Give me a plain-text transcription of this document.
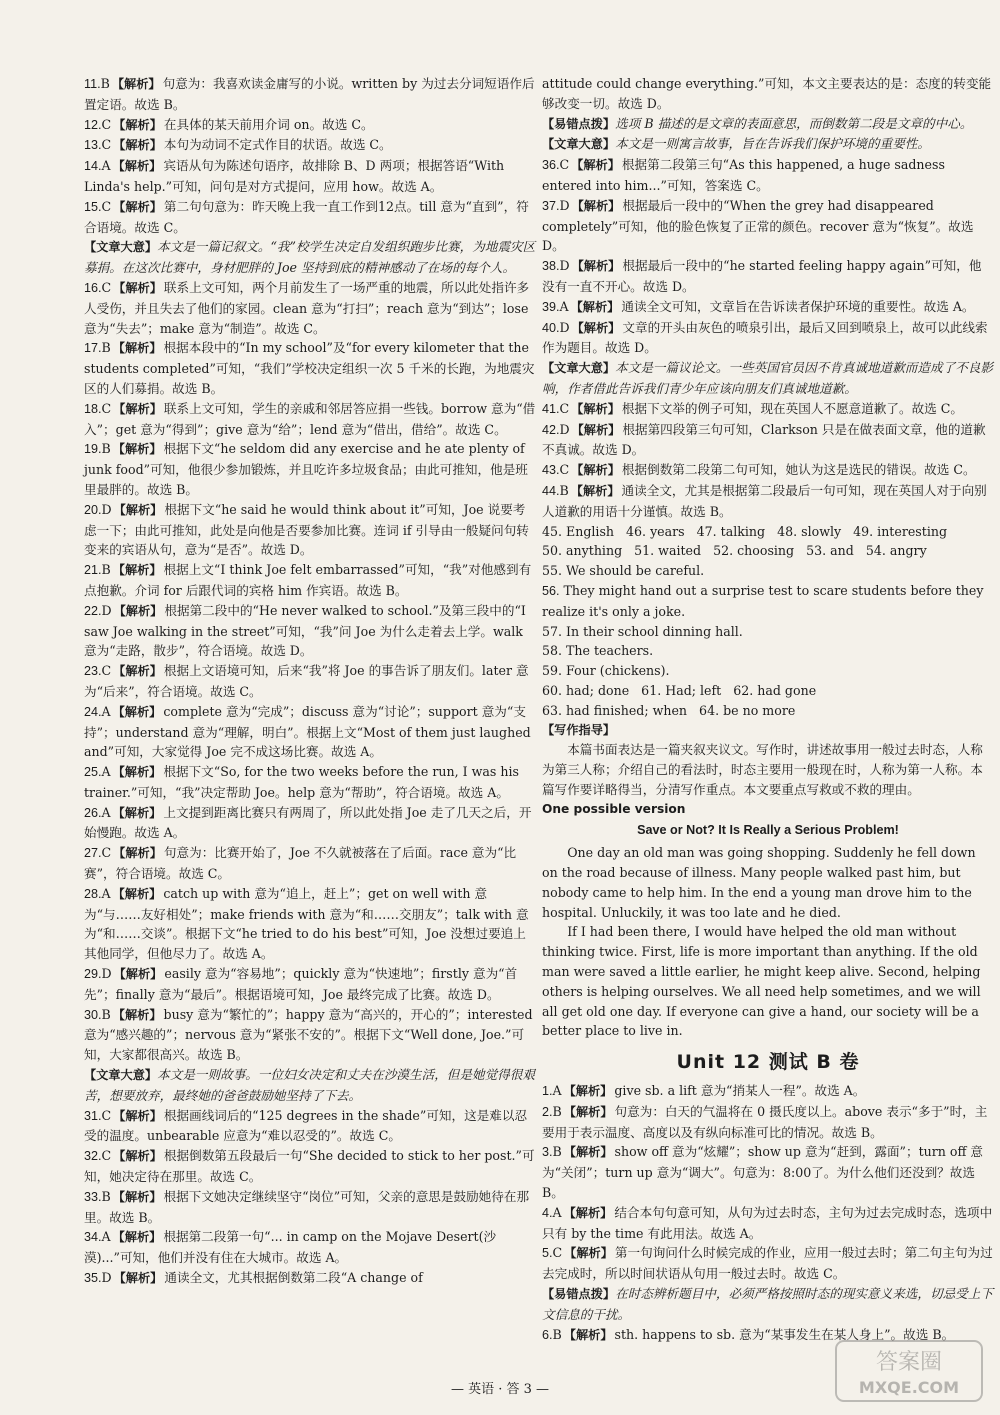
11.B 【解析】 句意为：我喜欢读金庸写的小说。written by 为过去分词短语作后置定语。故选 B。

12.C 【解析】 在具体的某天前用介词 on。故选 C。

13.C 【解析】 本句为动词不定式作目的状语。故选 C。

14.A 【解析】 宾语从句为陈述句语序，故排除 B、D 两项；根据答语“With Linda's help.”可知，问句是对方式提问，应用 how。故选 A。

15.C 【解析】 第二句句意为：昨天晚上我一直工作到12点。till 意为“直到”，符合语境。故选 C。

【文章大意】本文是一篇记叙文。“我”校学生决定自发组织跑步比赛，为地震灾区募捐。在这次比赛中，身材肥胖的 Joe 坚持到底的精神感动了在场的每个人。

16.C 【解析】 联系上文可知，两个月前发生了一场严重的地震，所以此处指许多人受伤，并且失去了他们的家园。clean 意为“打扫”；reach 意为“到达”；lose 意为“失去”；make 意为“制造”。故选 C。

17.B 【解析】 根据本段中的“In my school”及“for every kilometer that the students completed”可知，“我们”学校决定组织一次 5 千米的长跑，为地震灾区的人们募捐。故选 B。

18.C 【解析】 联系上文可知，学生的亲戚和邻居答应捐一些钱。borrow 意为“借入”；get 意为“得到”；give 意为“给”；lend 意为“借出，借给”。故选 C。

19.B 【解析】 根据下文“he seldom did any exercise and he ate plenty of junk food”可知，他很少参加锻炼，并且吃许多垃圾食品；由此可推知，他是班里最胖的。故选 B。

20.D 【解析】 根据下文“he said he would think about it”可知，Joe 说要考虑一下；由此可推知，此处是向他是否要参加比赛。连词 if 引导由一般疑问句转变来的宾语从句，意为“是否”。故选 D。

21.B 【解析】 根据上文“I think Joe felt embarrassed”可知，“我”对他感到有点抱歉。介词 for 后跟代词的宾格 him 作宾语。故选 B。

22.D 【解析】 根据第二段中的“He never walked to school.”及第三段中的“I saw Joe walking in the street”可知，“我”问 Joe 为什么走着去上学。walk 意为“走路，散步”，符合语境。故选 D。

23.C 【解析】 根据上文语境可知，后来“我”将 Joe 的事告诉了朋友们。later 意为“后来”，符合语境。故选 C。

24.A 【解析】 complete 意为“完成”；discuss 意为“讨论”；support 意为“支持”；understand 意为“理解，明白”。根据上文“Most of them just laughed and”可知，大家觉得 Joe 完不成这场比赛。故选 A。

25.A 【解析】 根据下文“So, for the two weeks before the run, I was his trainer.”可知，“我”决定帮助 Joe。help 意为“帮助”，符合语境。故选 A。

26.A 【解析】 上文提到距离比赛只有两周了，所以此处指 Joe 走了几天之后，开始慢跑。故选 A。

27.C 【解析】 句意为：比赛开始了，Joe 不久就被落在了后面。race 意为“比赛”，符合语境。故选 C。

28.A 【解析】 catch up with 意为“追上，赶上”；get on well with 意为“与……友好相处”；make friends with 意为“和……交朋友”；talk with 意为“和……交谈”。根据下文“he tried to do his best”可知，Joe 没想过要追上其他同学，但他尽力了。故选 A。

29.D 【解析】 easily 意为“容易地”；quickly 意为“快速地”；firstly 意为“首先”；finally 意为“最后”。根据语境可知，Joe 最终完成了比赛。故选 D。

30.B 【解析】 busy 意为“繁忙的”；happy 意为“高兴的，开心的”；interested 意为“感兴趣的”；nervous 意为“紧张不安的”。根据下文“Well done, Joe.”可知，大家都很高兴。故选 B。

【文章大意】本文是一则故事。一位妇女决定和丈夫在沙漠生活，但是她觉得很艰苦，想要放弃，最终她的爸爸鼓励她坚持了下去。

31.C 【解析】 根据画线词后的“125 degrees in the shade”可知，这是难以忍受的温度。unbearable 应意为“难以忍受的”。故选 C。

32.C 【解析】 根据倒数第五段最后一句“She decided to stick to her post.”可知，她决定待在那里。故选 C。

33.B 【解析】 根据下文她决定继续坚守“岗位”可知，父亲的意思是鼓励她待在那里。故选 B。

34.A 【解析】 根据第二段第一句“... in camp on the Mojave Desert(沙漠)...”可知，他们并没有住在大城市。故选 A。

35.D 【解析】 通读全文，尤其根据倒数第二段“A change of

attitude could change everything.”可知，本文主要表达的是：态度的转变能够改变一切。故选 D。

【易错点拨】选项 B 描述的是文章的表面意思，而倒数第二段是文章的中心。

【文章大意】本文是一则寓言故事，旨在告诉我们保护环境的重要性。

36.C 【解析】 根据第二段第三句“As this happened, a huge sadness entered into him...”可知，答案选 C。

37.D 【解析】 根据最后一段中的“When the grey had disappeared completely”可知，他的脸色恢复了正常的颜色。recover 意为“恢复”。故选 D。

38.D 【解析】 根据最后一段中的“he started feeling happy again”可知，他没有一直不开心。故选 D。

39.A 【解析】 通读全文可知，文章旨在告诉读者保护环境的重要性。故选 A。

40.D 【解析】 文章的开头由灰色的喷泉引出，最后又回到喷泉上，故可以此线索作为题目。故选 D。

【文章大意】本文是一篇议论文。一些英国官员因不肯真诚地道歉而造成了不良影响，作者借此告诉我们青少年应该向朋友们真诚地道歉。

41.C 【解析】 根据下文举的例子可知，现在英国人不愿意道歉了。故选 C。

42.D 【解析】 根据第四段第三句可知，Clarkson 只是在做表面文章，他的道歉不真诚。故选 D。

43.C 【解析】 根据倒数第二段第二句可知，她认为这是选民的错误。故选 C。

44.B 【解析】 通读全文，尤其是根据第二段最后一句可知，现在英国人对于向别人道歉的用语十分谨慎。故选 B。

45. English   46. years   47. talking   48. slowly   49. interesting

50. anything   51. waited   52. choosing   53. and   54. angry

55. We should be careful.

56. They might hand out a surprise test to scare students before they realize it's only a joke.

57. In their school dinning hall.

58. The teachers.

59. Four (chickens).

60. had; done   61. Had; left   62. had gone

63. had finished; when   64. be no more

【写作指导】

本篇书面表达是一篇夹叙夹议文。写作时，讲述故事用一般过去时态，人称为第三人称；介绍自己的看法时，时态主要用一般现在时，人称为第一人称。本篇写作要详略得当，分清写作重点。本文要重点写救或不救的理由。

One possible version

Save or Not? It Is Really a Serious Problem!

One day an old man was going shopping. Suddenly he fell down on the road because of illness. Many people walked past him, but nobody came to help him. In the end a young man drove him to the hospital. Unluckily, it was too late and he died.

If I had been there, I would have helped the old man without thinking twice. First, life is more important than anything. If the old man were saved a little earlier, he might keep alive. Second, helping others is helping ourselves. We all need help sometimes, and we will all get old one day. If everyone can give a hand, our society will be a better place to live in.

Unit 12 测试 B 卷

1.A 【解析】 give sb. a lift 意为“捎某人一程”。故选 A。

2.B 【解析】 句意为：白天的气温将在 0 摄氏度以上。above 表示“多于”时，主要用于表示温度、高度以及有纵向标准可比的情况。故选 B。

3.B 【解析】 show off 意为“炫耀”；show up 意为“赶到，露面”；turn off 意为“关闭”；turn up 意为“调大”。句意为：8:00了。为什么他们还没到？故选 B。

4.A 【解析】 结合本句句意可知，从句为过去时态，主句为过去完成时态，选项中只有 by the time 有此用法。故选 A。

5.C 【解析】 第一句询问什么时候完成的作业，应用一般过去时；第二句主句为过去完成时，所以时间状语从句用一般过去时。故选 C。

【易错点拨】在时态辨析题目中，必须严格按照时态的现实意义来选，切忌受上下文信息的干扰。

6.B 【解析】 sth. happens to sb. 意为“某事发生在某人身上”。故选 B。

— 英语 · 答 3 —
答案圈
MXQE.COM
